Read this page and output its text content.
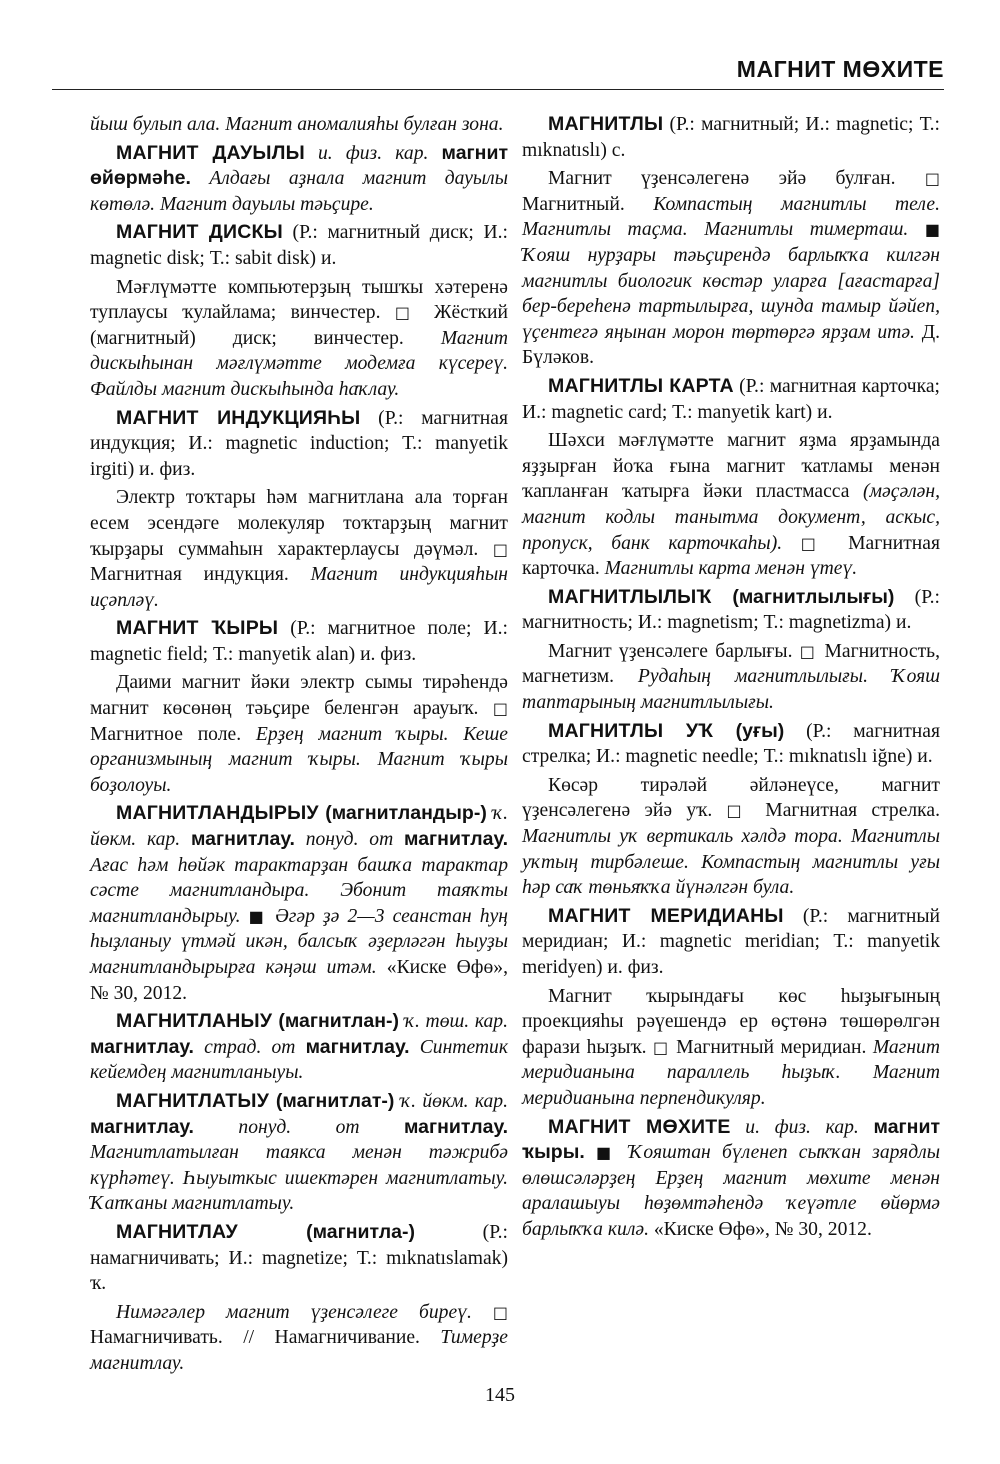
МАГНИТ МӨХИТЕ

йыш булып ала. Магнит аномалияһы булған зона.

МАГНИТ ДАУЫЛЫ и. физ. кар. магнит өйөрмәһе. Алдағы аҙнала магнит дауылы көтөлә. Магнит дауылы тәьҫире.

МАГНИТ ДИСКЫ (Р.: магнитный диск; И.: magnetic disk; Т.: sabit disk) и.

Мәғлүмәтте компьютерҙың тышҡы хәтеренә туплаусы ҡулайлама; винчестер. □ Жёсткий (магнитный) диск; винчестер. Магнит дискыһынан мәғлүмәтте модемға күсереү. Файлды магнит дискыһында һаҡлау.

МАГНИТ ИНДУКЦИЯҺЫ (Р.: магнитная индукция; И.: magnetic induction; Т.: manyetik irgiti) и. физ.

Электр тоҡтары һәм магнитлана ала торған есем эсендәге молекуляр тоҡтарҙың магнит ҡырҙары суммаһын характерлаусы дәүмәл. □ Магнитная индукция. Магнит индукцияһын иҫәпләү.

МАГНИТ ҠЫРЫ (Р.: магнитное поле; И.: magnetic field; Т.: manyetik alan) и. физ.

Даими магнит йәки электр сымы тирәһендә магнит көсөнөң тәьҫире беленгән арауыҡ. □ Магнитное поле. Ерҙең магнит ҡыры. Кеше организмының магнит ҡыры. Магнит ҡыры боҙолоуы.

МАГНИТЛАНДЫРЫУ (магнитландыр-) ҡ. йөкм. кар. магнитлау. понуд. от магнитлау. Ағас һәм һөйәк тарактарҙан башҡа тарактар сәсте магнитландыра. Эбонит таяҡты магнитландырыу. ■ Әгәр ҙә 2—3 сеанстан һуң һыҙланыу үтмәй икән, балсыҡ әҙерләгән һыуҙы магнитландырырға кәңәш итәм. «Киске Өфө», № 30, 2012.

МАГНИТЛАНЫУ (магнитлан-) ҡ. төш. кар. магнитлау. страд. от магнитлау. Синтетик кейемдең магнитланыуы.

МАГНИТЛАТЫУ (магнитлат-) ҡ. йөкм. кар. магнитлау. понуд. от магнитлау. Магнитлатылған таякса менән тәжрибә күрһәтеү. Һыуыткыс ишектәрен магнитлатыу. Ҡапҡаны магнитлатыу.

МАГНИТЛАУ (магнитла-) (Р.: намагничивать; И.: magnetize; Т.: mıknatıslamak) ҡ.

Нимәгәлер магнит үҙенсәлеге биреү. □ Намагничивать. // Намагничивание. Тимерҙе магнитлау.

МАГНИТЛЫ (Р.: магнитный; И.: magnetic; Т.: mıknatıslı) с.

Магнит үҙенсәлегенә эйә булған. □ Магнитный. Компастың магнитлы теле. Магнитлы таҫма. Магнитлы тимерташ. ■ Ҡояш нурҙары тәьҫирендә барлыҡҡа килгән магнитлы биологик көстәр уларға [ағастарға] бер-береһенә тартылырға, шунда тамыр йәйеп, үҫентегә яңынан морон төртөргә ярҙам итә. Д. Бүләков.

МАГНИТЛЫ КАРТА (Р.: магнитная карточка; И.: magnetic card; Т.: manyetik kart) и.

Шәхси мәғлүмәтте магнит яҙма ярҙамында яҙҙырған йоҡа ғына магнит ҡатламы менән ҡапланған ҡатырға йәки пластмасса (мәҫәлән, магнит кодлы танытма документ, аскыс, пропуск, банк карточкаһы). □ Магнитная карточка. Магнитлы карта менән үтеү.

МАГНИТЛЫЛЫҠ (магнитлылығы) (Р.: магнитность; И.: magnetism; Т.: magnetizma) и.

Магнит үҙенсәлеге барлығы. □ Магнитность, магнетизм. Рудаһың магнитлылығы. Ҡояш таптарының магнитлылығы.

МАГНИТЛЫ УҠ (уғы) (Р.: магнитная стрелка; И.: magnetic needle; Т.: mıknatıslı iğne) и.

Көсәр тирәләй әйләнеүсе, магнит үҙенсәлегенә эйә уҡ. □ Магнитная стрелка. Магнитлы уҡ вертикаль хәлдә тора. Магнитлы уҡтың тирбәлеше. Компастың магнитлы уғы һәр саҡ төньяҡҡа йүнәлгән була.

МАГНИТ МЕРИДИАНЫ (Р.: магнитный меридиан; И.: magnetic meridian; Т.: manyetik meridyen) и. физ.

Магнит ҡырындағы көс һыҙығының проекцияһы рәүешендә ер өҫтөнә төшөрөлгән фарази һыҙыҡ. □ Магнитный меридиан. Магнит меридианына параллель һыҙыҡ. Магнит меридианына перпендикуляр.

МАГНИТ МӨХИТЕ и. физ. кар. магнит ҡыры. ■ Ҡояштан бүленеп сыҡҡан зарядлы өлөшсәләрҙең Ерҙең магнит мөхите менән аралашыуы һөҙөмтәһендә ҡеүәтле өйөрмә барлыҡҡа килә. «Киске Өфө», № 30, 2012.

145
